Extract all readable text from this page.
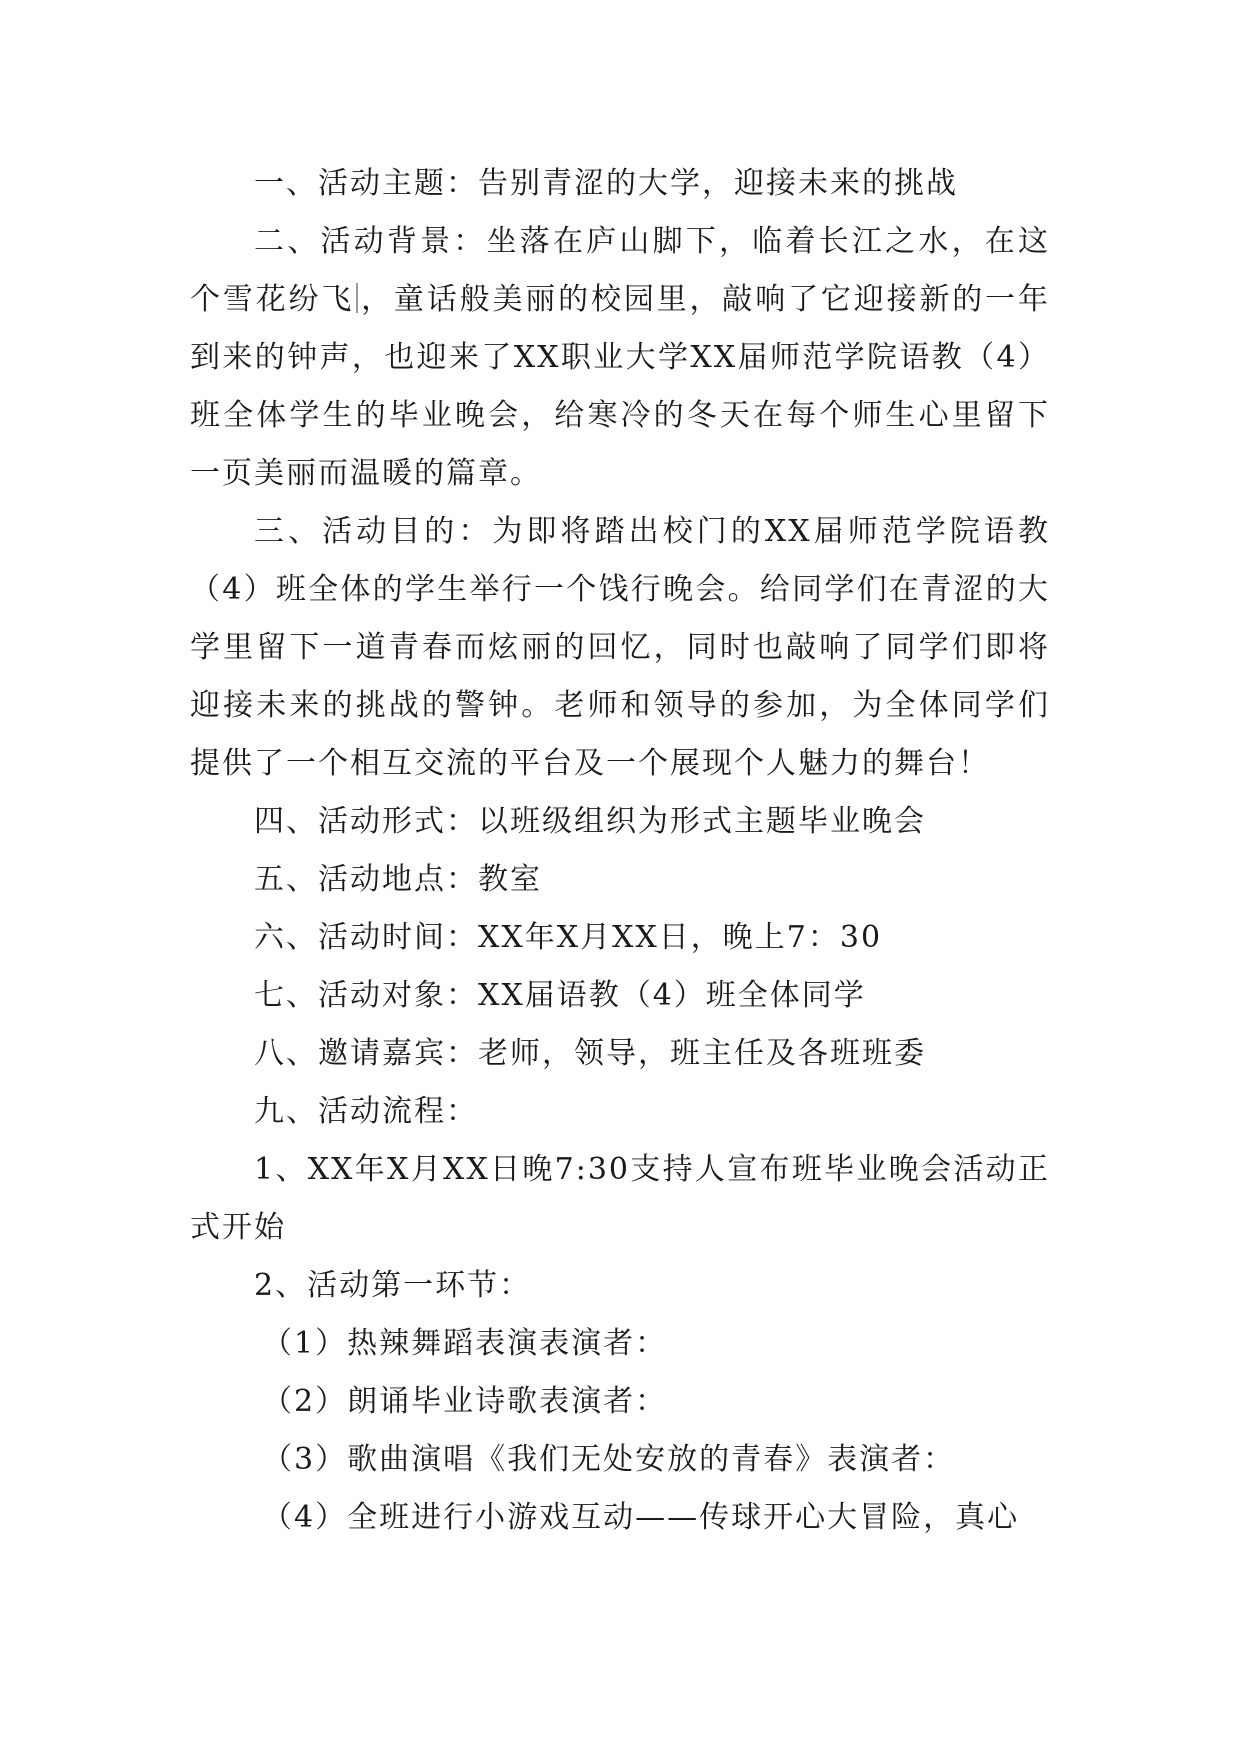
一、活动主题：告别青涩的大学，迎接未来的挑战

二、活动背景：坐落在庐山脚下，临着长江之水，在这个雪花纷飞 ，童话般美丽的校园里，敲响了它迎接新的一年到来的钟声，也迎来了XX职业大学XX届师范学院语教（4）班全体学生的毕业晚会，给寒冷的冬天在每个师生心里留下一页美丽而温暖的篇章。

三、活动目的：为即将踏出校门的XX届师范学院语教（4）班全体的学生举行一个饯行晚会。给同学们在青涩的大学里留下一道青春而炫丽的回忆，同时也敲响了同学们即将迎接未来的挑战的警钟。老师和领导的参加，为全体同学们提供了一个相互交流的平台及一个展现个人魅力的舞台！

四、活动形式：以班级组织为形式主题毕业晚会

五、活动地点：教室

六、活动时间：XX年X月XX日，晚上7：30

七、活动对象：XX届语教（4）班全体同学

八、邀请嘉宾：老师，领导，班主任及各班班委

九、活动流程：

1、XX年X月XX日晚7:30支持人宣布班毕业晚会活动正式开始

2、活动第一环节：

（1）热辣舞蹈表演表演者：

（2）朗诵毕业诗歌表演者：

（3）歌曲演唱《我们无处安放的青春》表演者：

（4）全班进行小游戏互动——传球开心大冒险，真心
